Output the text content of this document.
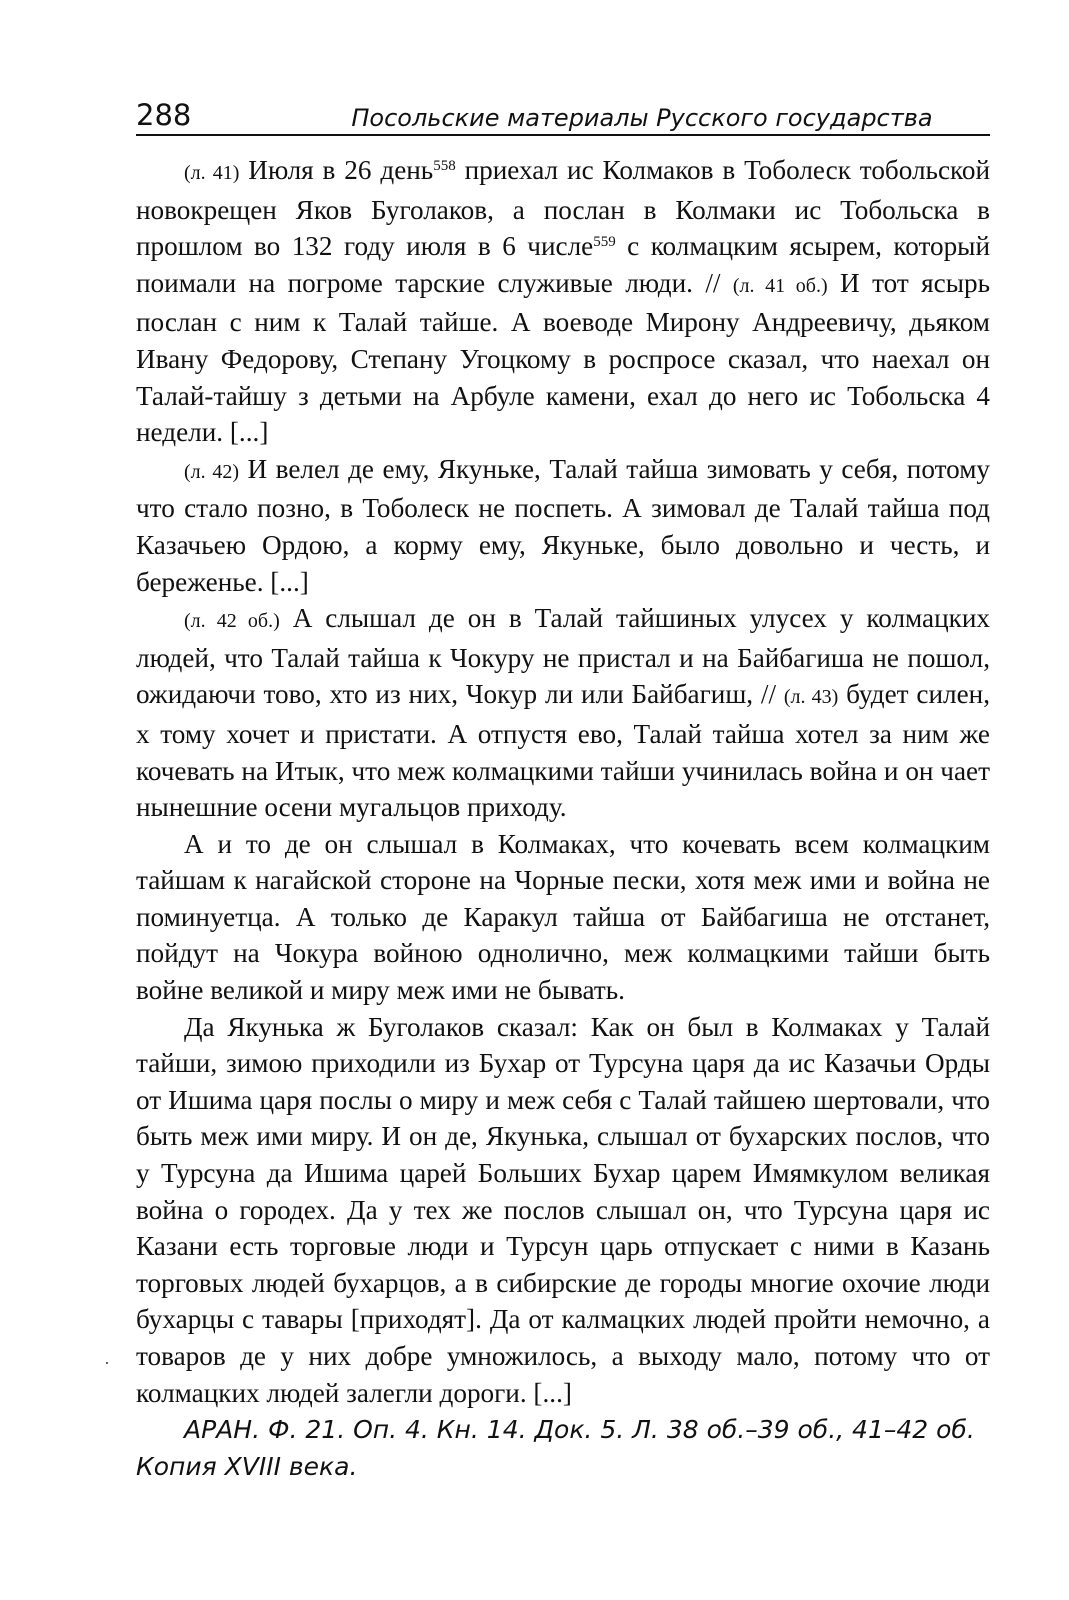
288	Посольские материалы Русского государства

(л. 41) Июля в 26 день$^{558}$ приехал ис Колмаков в Тоболеск тобольской новокрещен Яков Буголаков, а послан в Колмаки ис Тобольска в прошлом во 132 году июля в 6 числе$^{559}$ с колмацким ясырем, который поимали на погроме тарские служивые люди. // (л. 41 об.) И тот ясырь послан с ним к Талай тайше. А воеводе Мирону Андреевичу, дьяком Ивану Федорову, Степану Угоцкому в роспросе сказал, что наехал он Талай-тайшу з детьми на Арбуле камени, ехал до него ис Тобольска 4 недели. [...]

(л. 42) И велел де ему, Якуньке, Талай тайша зимовать у себя, потому что стало позно, в Тоболеск не поспеть. А зимовал де Талай тайша под Казачьею Ордою, а корму ему, Якуньке, было довольно и честь, и береженье. [...]

(л. 42 об.) А слышал де он в Талай тайшиных улусех у колмацких людей, что Талай тайша к Чокуру не пристал и на Байбагиша не пошол, ожидаючи тово, хто из них, Чокур ли или Байбагиш, // (л. 43) будет силен, х тому хочет и пристати. А отпустя ево, Талай тайша хотел за ним же кочевать на Итык, что меж колмацкими тайши учинилась война и он чает нынешние осени мугальцов приходу.

А и то де он слышал в Колмаках, что кочевать всем колмацким тайшам к нагайской стороне на Чорные пески, хотя меж ими и война не поминуетца. А только де Каракул тайша от Байбагиша не отстанет, пойдут на Чокура войною однолично, меж колмацкими тайши быть войне великой и миру меж ими не бывать.

Да Якунька ж Буголаков сказал: Как он был в Колмаках у Талай тайши, зимою приходили из Бухар от Турсуна царя да ис Казачьи Орды от Ишима царя послы о миру и меж себя с Талай тайшею шертовали, что быть меж ими миру. И он де, Якунька, слышал от бухарских послов, что у Турсуна да Ишима царей Больших Бухар царем Имямкулом великая война о городех. Да у тех же послов слышал он, что Турсуна царя ис Казани есть торговые люди и Турсун царь отпускает с ними в Казань торговых людей бухарцов, а в сибирские де городы многие охочие люди бухарцы с тавары [приходят]. Да от калмацких людей пройти немочно, а товаров де у них добре умножилось, а выходу мало, потому что от колмацких людей залегли дороги. [...]

АРАН. Ф. 21. Оп. 4. Кн. 14. Док. 5. Л. 38 об.–39 об., 41–42 об. Копия XVIII века.
